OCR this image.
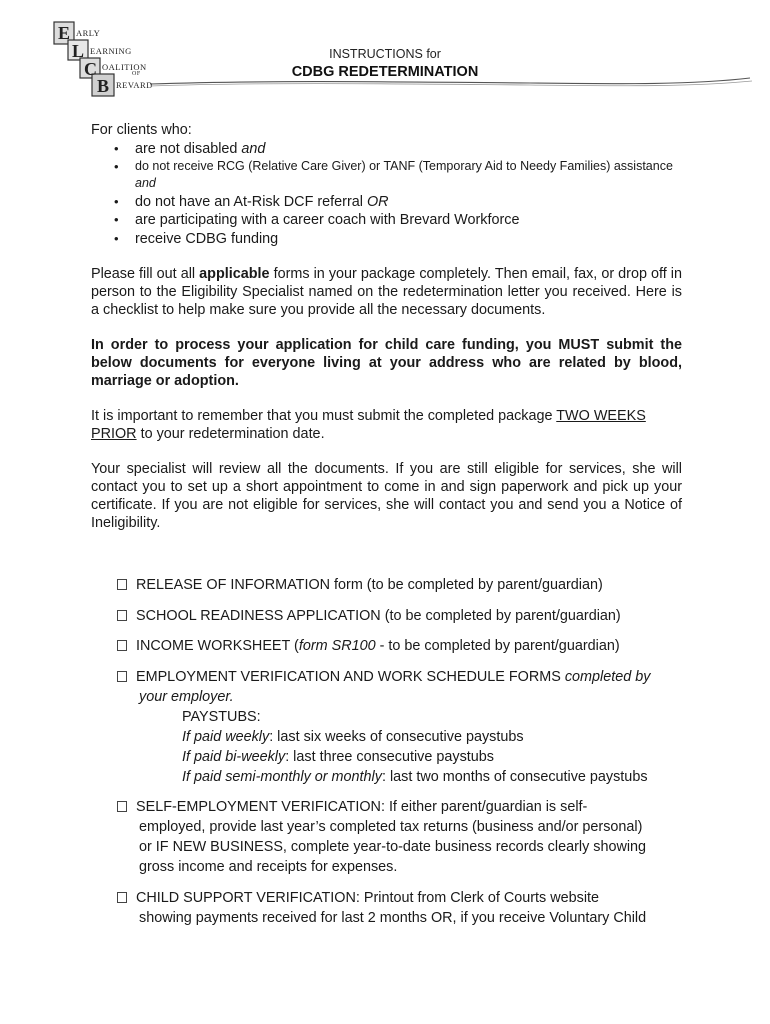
E
L
C
B
ARLY
EARNING
OALITION
OF
REVARD
INSTRUCTIONS for
CDBG REDETERMINATION

For clients who:

• are not disabled and
• do not receive RCG (Relative Care Giver) or TANF (Temporary Aid to Needy Families) assistance and
• do not have an At-Risk DCF referral OR
• are participating with a career coach with Brevard Workforce
• receive CDBG funding

Please fill out all applicable forms in your package completely. Then email, fax, or drop off in person to the Eligibility Specialist named on the redetermination letter you received. Here is a checklist to help make sure you provide all the necessary documents.

In order to process your application for child care funding, you MUST submit the below documents for everyone living at your address who are related by blood, marriage or adoption.

It is important to remember that you must submit the completed package TWO WEEKS PRIOR to your redetermination date.

Your specialist will review all the documents. If you are still eligible for services, she will contact you to set up a short appointment to come in and sign paperwork and pick up your certificate. If you are not eligible for services, she will contact you and send you a Notice of Ineligibility.

RELEASE OF INFORMATION form (to be completed by parent/guardian)
SCHOOL READINESS APPLICATION (to be completed by parent/guardian)
INCOME WORKSHEET (form SR100 - to be completed by parent/guardian)
EMPLOYMENT VERIFICATION AND WORK SCHEDULE FORMS completed by
your employer.
PAYSTUBS:
If paid weekly: last six weeks of consecutive paystubs
If paid bi-weekly: last three consecutive paystubs
If paid semi-monthly or monthly: last two months of consecutive paystubs
SELF-EMPLOYMENT VERIFICATION: If either parent/guardian is self-
employed, provide last year’s completed tax returns (business and/or personal)
or IF NEW BUSINESS, complete year-to-date business records clearly showing
gross income and receipts for expenses.
CHILD SUPPORT VERIFICATION: Printout from Clerk of Courts website
showing payments received for last 2 months OR, if you receive Voluntary Child
